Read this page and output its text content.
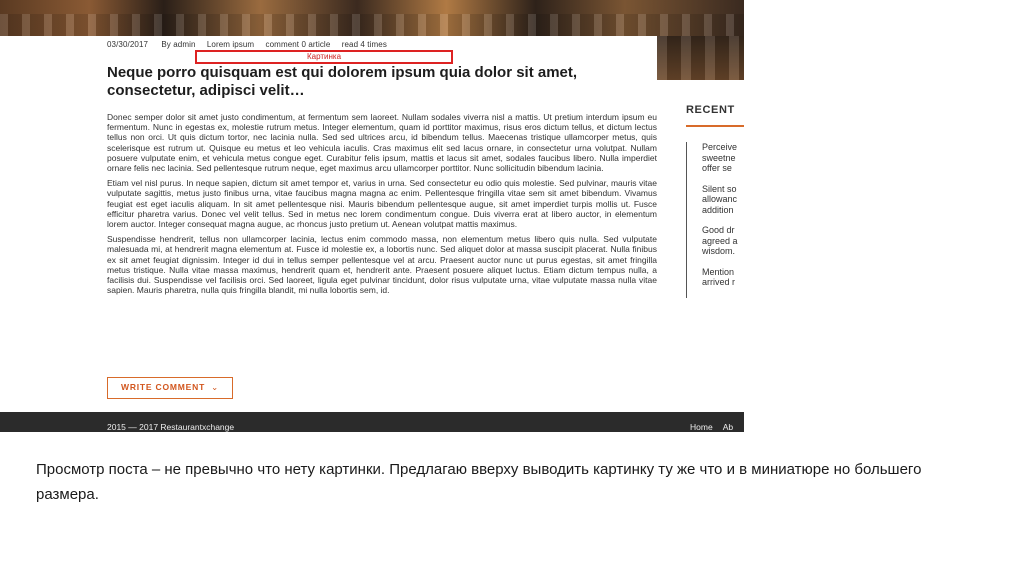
03/30/2017 By admin Lorem ipsum comment 0 article read 4 times
Картинка
Neque porro quisquam est qui dolorem ipsum quia dolor sit amet, consectetur, adipisci velit…

Donec semper dolor sit amet justo condimentum, at fermentum sem laoreet. Nullam sodales viverra nisl a mattis. Ut pretium interdum ipsum eu fermentum. Nunc in egestas ex, molestie rutrum metus. Integer elementum, quam id porttitor maximus, risus eros dictum tellus, et dictum lectus tellus non orci. Ut quis dictum tortor, nec lacinia nulla. Sed sed ultrices arcu, id bibendum tellus. Maecenas tristique ullamcorper metus, quis scelerisque est rutrum ut. Quisque eu metus et leo vehicula iaculis. Cras maximus elit sed lacus ornare, in consectetur urna volutpat. Nullam posuere vulputate enim, et vehicula metus congue eget. Curabitur felis ipsum, mattis et lacus sit amet, sodales faucibus libero. Nulla imperdiet ornare felis nec lacinia. Sed pellentesque rutrum neque, eget maximus arcu ullamcorper porttitor. Nunc sollicitudin bibendum lacinia.

Etiam vel nisl purus. In neque sapien, dictum sit amet tempor et, varius in urna. Sed consectetur eu odio quis molestie. Sed pulvinar, mauris vitae vulputate sagittis, metus justo finibus urna, vitae faucibus magna magna ac enim. Pellentesque fringilla vitae sem sit amet bibendum. Vivamus feugiat est eget iaculis aliquam. In sit amet pellentesque nisi. Mauris bibendum pellentesque augue, sit amet imperdiet turpis mollis ut. Fusce efficitur pharetra varius. Donec vel velit tellus. Sed in metus nec lorem condimentum congue. Duis viverra erat at libero auctor, in elementum lorem auctor. Integer consequat magna augue, ac rhoncus justo pretium ut. Aenean volutpat mattis maximus.

Suspendisse hendrerit, tellus non ullamcorper lacinia, lectus enim commodo massa, non elementum metus libero quis nulla. Sed vulputate malesuada mi, at hendrerit magna elementum at. Fusce id molestie ex, a lobortis nunc. Sed aliquet dolor at massa suscipit placerat. Nulla finibus ex sit amet feugiat dignissim. Integer id dui in tellus semper pellentesque vel at arcu. Praesent auctor nunc ut purus egestas, sit amet fringilla metus tristique. Nulla vitae massa maximus, hendrerit quam et, hendrerit ante. Praesent posuere aliquet luctus. Etiam dictum tempus nulla, a facilisis dui. Suspendisse vel facilisis orci. Sed laoreet, ligula eget pulvinar tincidunt, dolor risus vulputate urna, vitae vulputate massa nulla vitae sapien. Mauris pharetra, nulla quis fringilla blandit, mi nulla lobortis sem, id.

WRITE COMMENT ⌄
RECENT
Perceive
sweetne
offer se
Silent so
allowanc
addition
Good dr
agreed a
wisdom.
Mention
arrived r
2015 — 2017 Restaurantxchange	Home Ab
Просмотр поста – не превычно что нету картинки. Предлагаю вверху выводить картинку ту же что и в миниатюре но большего размера.
